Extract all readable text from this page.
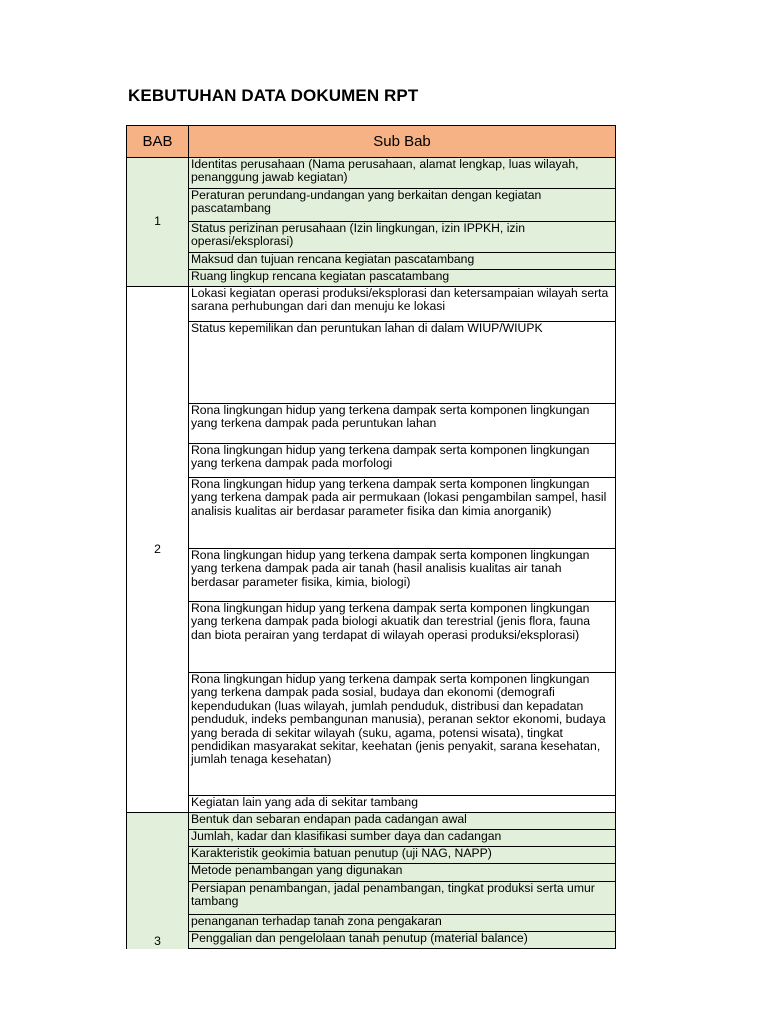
KEBUTUHAN DATA DOKUMEN RPT
BAB	Sub Bab
1	Identitas perusahaan (Nama perusahaan, alamat lengkap, luas wilayah, penanggung jawab kegiatan)
	Peraturan perundang-undangan yang berkaitan dengan kegiatan pascatambang
	Status perizinan perusahaan (Izin lingkungan, izin IPPKH, izin operasi/eksplorasi)
	Maksud dan tujuan rencana kegiatan pascatambang
	Ruang lingkup rencana kegiatan pascatambang
2	Lokasi kegiatan operasi produksi/eksplorasi dan ketersampaian wilayah serta sarana perhubungan dari dan menuju ke lokasi
	Status kepemilikan dan peruntukan lahan di dalam WIUP/WIUPK
	Rona lingkungan hidup yang terkena dampak serta komponen lingkungan yang terkena dampak pada peruntukan lahan
	Rona lingkungan hidup yang terkena dampak serta komponen lingkungan yang terkena dampak pada morfologi
	Rona lingkungan hidup yang terkena dampak serta komponen lingkungan yang terkena dampak pada air permukaan (lokasi pengambilan sampel, hasil analisis kualitas air berdasar parameter fisika dan kimia anorganik)
	Rona lingkungan hidup yang terkena dampak serta komponen lingkungan yang terkena dampak pada air tanah (hasil analisis kualitas air tanah berdasar parameter fisika, kimia, biologi)
	Rona lingkungan hidup yang terkena dampak serta komponen lingkungan yang terkena dampak pada biologi akuatik dan terestrial (jenis flora, fauna dan biota perairan yang terdapat di wilayah operasi produksi/eksplorasi)
	Rona lingkungan hidup yang terkena dampak serta komponen lingkungan yang terkena dampak pada sosial, budaya dan ekonomi (demografi kependudukan (luas wilayah, jumlah penduduk, distribusi dan kepadatan penduduk, indeks pembangunan manusia), peranan sektor ekonomi, budaya yang berada di sekitar wilayah (suku, agama, potensi wisata), tingkat pendidikan masyarakat sekitar, keehatan (jenis penyakit, sarana kesehatan, jumlah tenaga kesehatan)
	Kegiatan lain yang ada di sekitar tambang
3	Bentuk dan sebaran endapan pada cadangan awal
	Jumlah, kadar dan klasifikasi sumber daya dan cadangan
	Karakteristik geokimia batuan penutup (uji NAG, NAPP)
	Metode penambangan yang digunakan
	Persiapan penambangan, jadal penambangan, tingkat produksi serta umur tambang
	penanganan terhadap tanah zona pengakaran
	Penggalian dan pengelolaan tanah penutup (material balance)
